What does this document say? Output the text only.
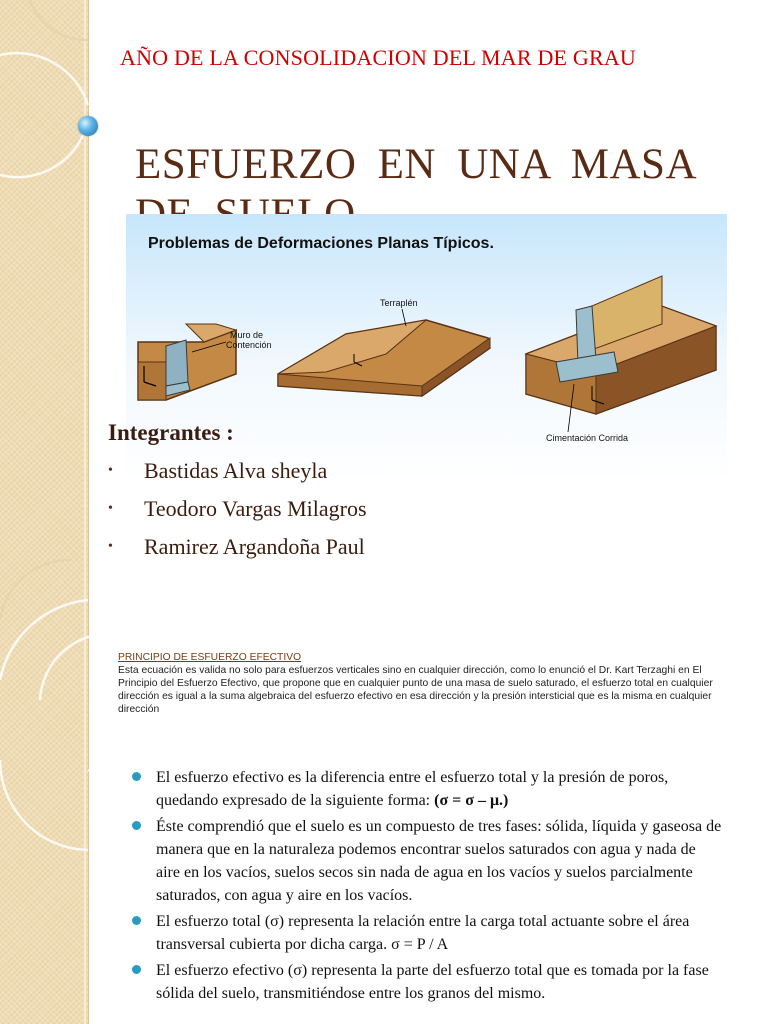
AÑO DE LA CONSOLIDACION DEL MAR DE GRAU
ESFUERZO EN UNA MASA
Problemas de Deformaciones Planas Típicos.
Muro de
Contención
Terraplén
Cimentación Corrida
Integrantes :
• Bastidas Alva sheyla
• Teodoro Vargas Milagros
• Ramirez Argandoña Paul
PRINCIPIO DE ESFUERZO EFECTIVO
Esta ecuación es valida no solo para esfuerzos verticales sino en cualquier dirección, como lo enunció el Dr. Kart Terzaghi en El Principio del Esfuerzo Efectivo, que propone que en cualquier punto de una masa de suelo saturado, el esfuerzo total en cualquier dirección es igual a la suma algebraica del esfuerzo efectivo en esa dirección y la presión intersticial que es la misma en cualquier dirección
El esfuerzo efectivo es la diferencia entre el esfuerzo total y la presión de poros, quedando expresado de la siguiente forma: (σ = σ – μ.)
Éste comprendió que el suelo es un compuesto de tres fases: sólida, líquida y gaseosa de manera que en la naturaleza podemos encontrar suelos saturados con agua y nada de aire en los vacíos, suelos secos sin nada de agua en los vacíos y suelos parcialmente saturados, con agua y aire en los vacíos.
El esfuerzo total (σ) representa la relación entre la carga total actuante sobre el área transversal cubierta por dicha carga. σ = P / A
El esfuerzo efectivo (σ) representa la parte del esfuerzo total que es tomada por la fase sólida del suelo, transmitiéndose entre los granos del mismo.
